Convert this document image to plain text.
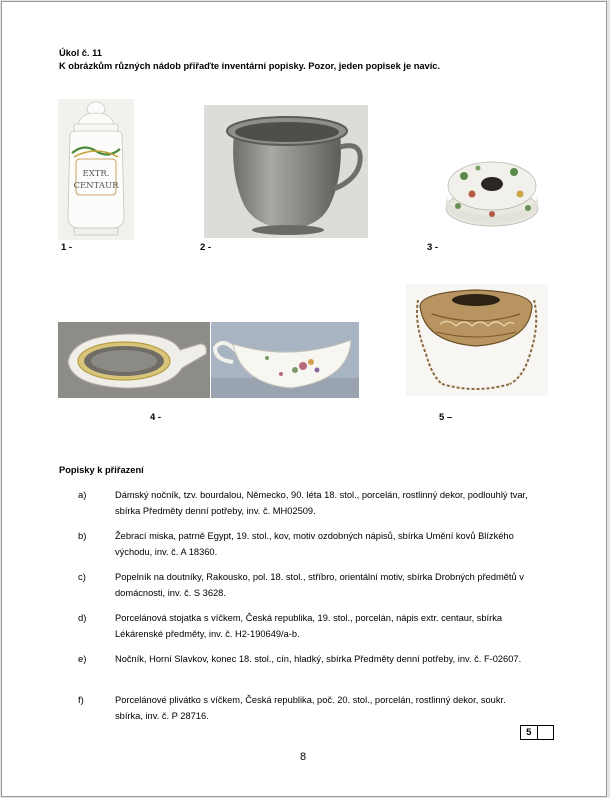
Úkol č. 11
K obrázkům různých nádob přiřaďte inventární popisky. Pozor, jeden popisek je navíc.
EXTR.
CENTAUR
1 -	2 -	3 -
4 -	5 –
Popisky k přiřazení
a)	Dámský nočník, tzv. bourdalou, Německo, 90. léta 18. stol., porcelán, rostlinný dekor, podlouhlý tvar, sbírka Předměty denní potřeby, inv. č. MH02509.
b)	Žebrací miska, patrně Egypt, 19. stol., kov, motiv ozdobných nápisů, sbírka Umění kovů Blízkého východu, inv. č. A 18360.
c)	Popelník na doutníky, Rakousko, pol. 18. stol., stříbro, orientální motiv, sbírka Drobných předmětů v domácnosti, inv. č. S 3628.
d)	Porcelánová stojatka s víčkem, Česká republika, 19. stol., porcelán, nápis extr. centaur, sbírka Lékárenské předměty, inv. č. H2-190649/a-b.
e)	Nočník, Horní Slavkov, konec 18. stol., cín, hladký, sbírka Předměty denní potřeby, inv. č. F-02607.
f)	Porcelánové plivátko s víčkem, Česká republika, poč. 20. stol., porcelán, rostlinný dekor, soukr. sbírka, inv. č. P 28716.
5
8
